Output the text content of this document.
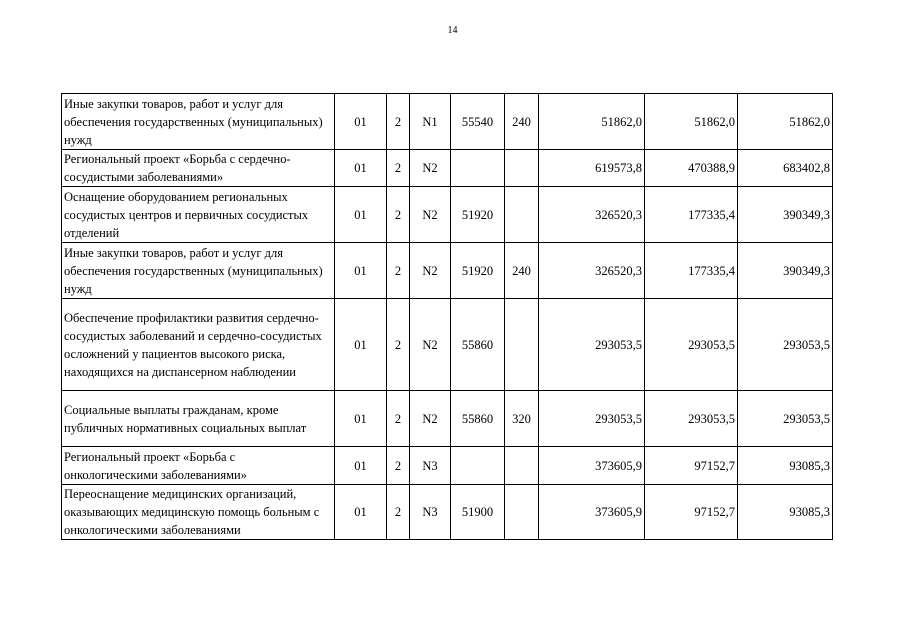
14
Иные закупки товаров, работ и услуг для обеспечения государственных (муниципальных) нужд	01	2	N1	55540	240	51862,0	51862,0	51862,0
Региональный проект «Борьба с сердечно-сосудистыми заболеваниями»	01	2	N2			619573,8	470388,9	683402,8
Оснащение оборудованием региональных сосудистых центров и первичных сосудистых отделений	01	2	N2	51920		326520,3	177335,4	390349,3
Иные закупки товаров, работ и услуг для обеспечения государственных (муниципальных) нужд	01	2	N2	51920	240	326520,3	177335,4	390349,3
Обеспечение профилактики развития сердечно-сосудистых заболеваний и сердечно-сосудистых осложнений у пациентов высокого риска, находящихся на диспансерном наблюдении	01	2	N2	55860		293053,5	293053,5	293053,5
Социальные выплаты гражданам, кроме публичных нормативных социальных выплат	01	2	N2	55860	320	293053,5	293053,5	293053,5
Региональный проект «Борьба с онкологическими заболеваниями»	01	2	N3			373605,9	97152,7	93085,3
Переоснащение медицинских организаций, оказывающих медицинскую помощь больным с онкологическими заболеваниями	01	2	N3	51900		373605,9	97152,7	93085,3
